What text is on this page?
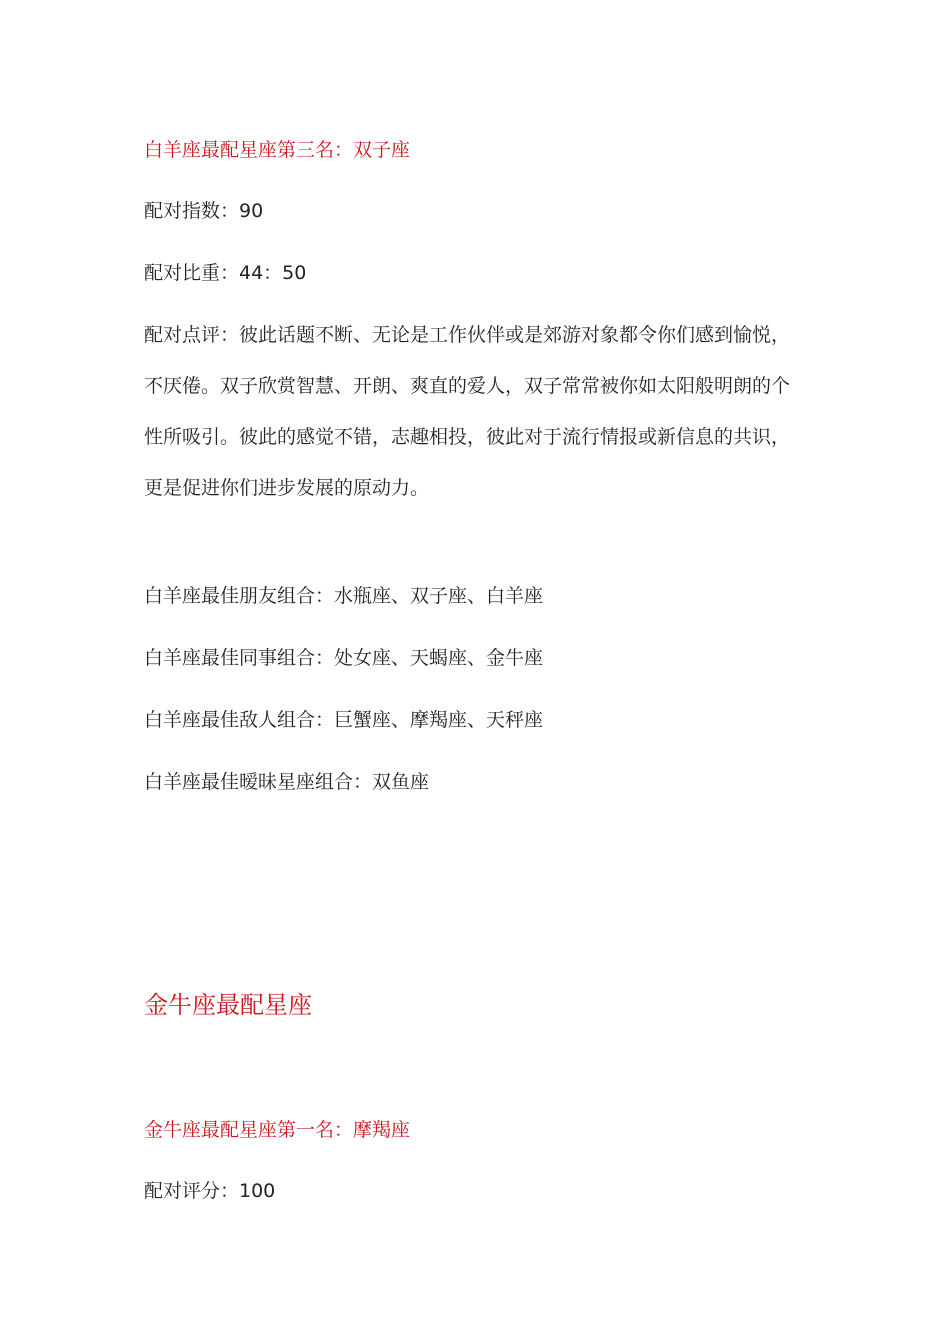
白羊座最配星座第三名：双子座

配对指数：90

配对比重：44：50

配对点评：彼此话题不断、无论是工作伙伴或是郊游对象都令你们感到愉悦，
不厌倦。双子欣赏智慧、开朗、爽直的爱人，双子常常被你如太阳般明朗的个
性所吸引。彼此的感觉不错，志趣相投，彼此对于流行情报或新信息的共识，
更是促进你们进步发展的原动力。

白羊座最佳朋友组合：水瓶座、双子座、白羊座

白羊座最佳同事组合：处女座、天蝎座、金牛座

白羊座最佳敌人组合：巨蟹座、摩羯座、天秤座

白羊座最佳暧昧星座组合：双鱼座

金牛座最配星座

金牛座最配星座第一名：摩羯座

配对评分：100
